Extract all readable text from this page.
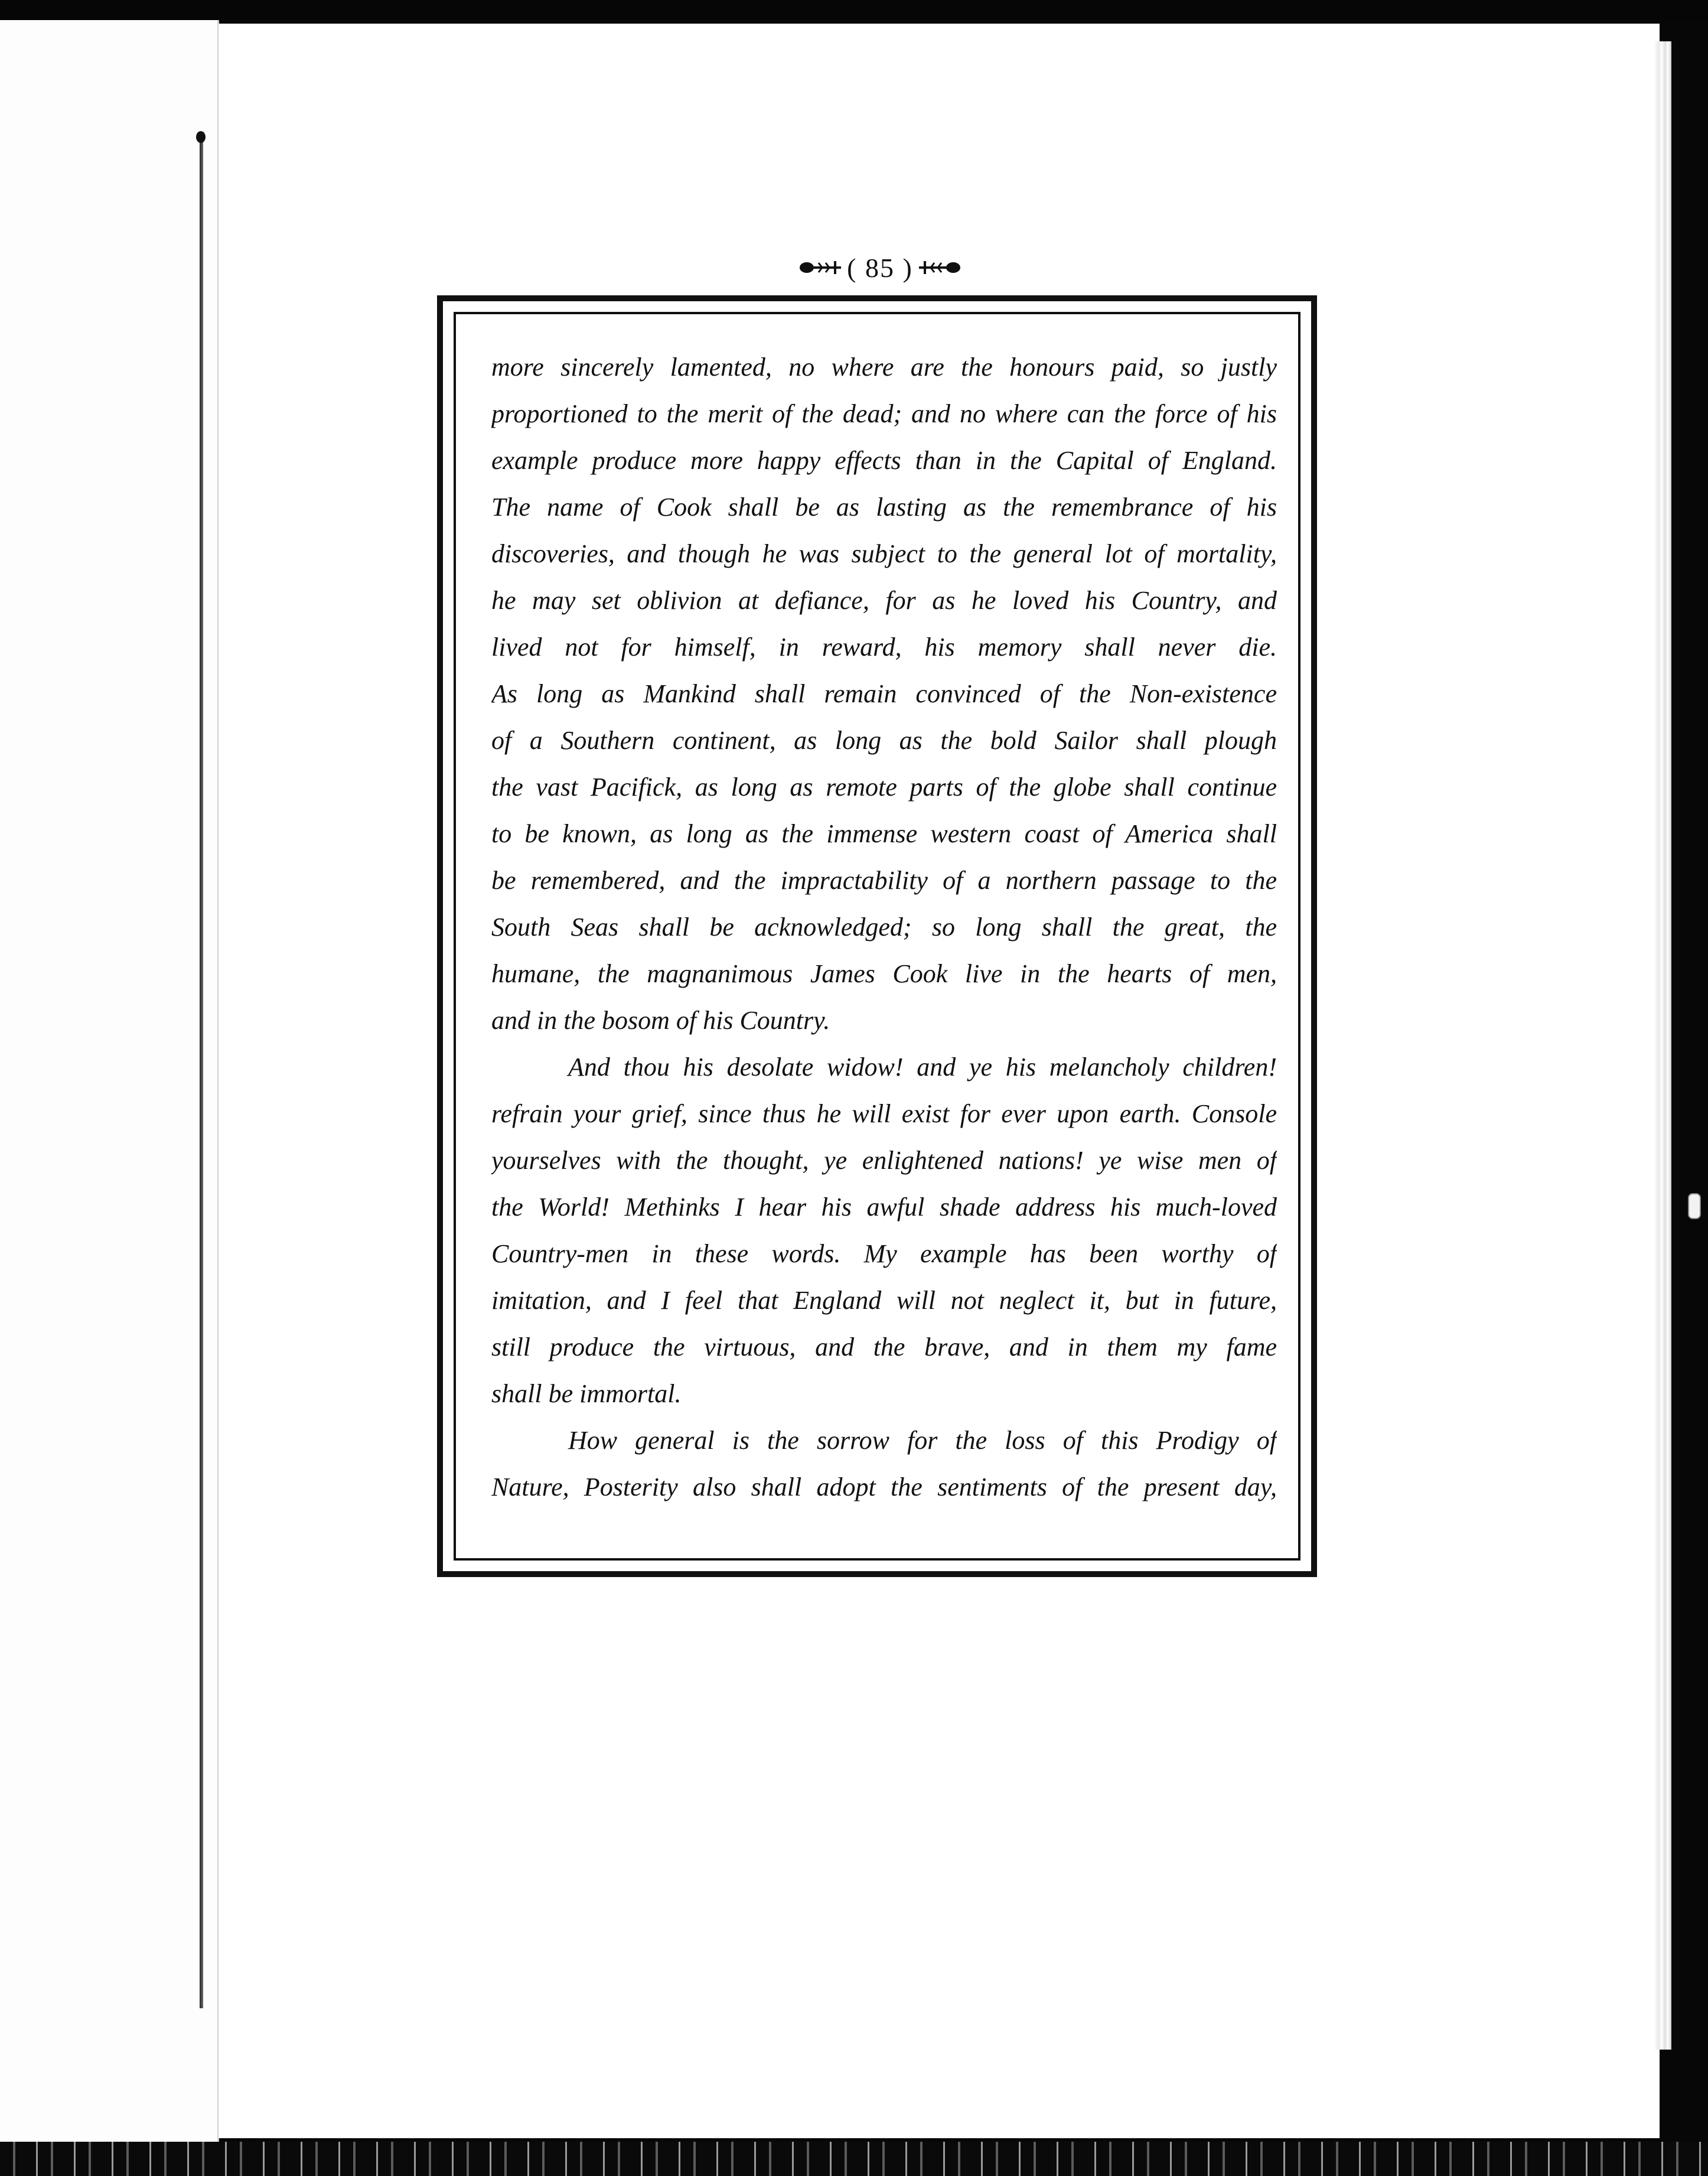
( 85 )
more sincerely lamented, no where are the honours paid, so justly
proportioned to the merit of the dead; and no where can the force of his
example produce more happy effects than in the Capital of England.
The name of Cook shall be as lasting as the remembrance of his
discoveries, and though he was subject to the general lot of mortality,
he may set oblivion at defiance, for as he loved his Country, and
lived not for himself, in reward, his memory shall never die.
As long as Mankind shall remain convinced of the Non-existence
of a Southern continent, as long as the bold Sailor shall plough
the vast Pacifick, as long as remote parts of the globe shall continue
to be known, as long as the immense western coast of America shall
be remembered, and the impractability of a northern passage to the
South Seas shall be acknowledged; so long shall the great, the
humane, the magnanimous James Cook live in the hearts of men,
and in the bosom of his Country.
And thou his desolate widow! and ye his melancholy children!
refrain your grief, since thus he will exist for ever upon earth. Console
yourselves with the thought, ye enlightened nations! ye wise men of
the World! Methinks I hear his awful shade address his much-loved
Country-men in these words. My example has been worthy of
imitation, and I feel that England will not neglect it, but in future,
still produce the virtuous, and the brave, and in them my fame
shall be immortal.
How general is the sorrow for the loss of this Prodigy of
Nature, Posterity also shall adopt the sentiments of the present day,
